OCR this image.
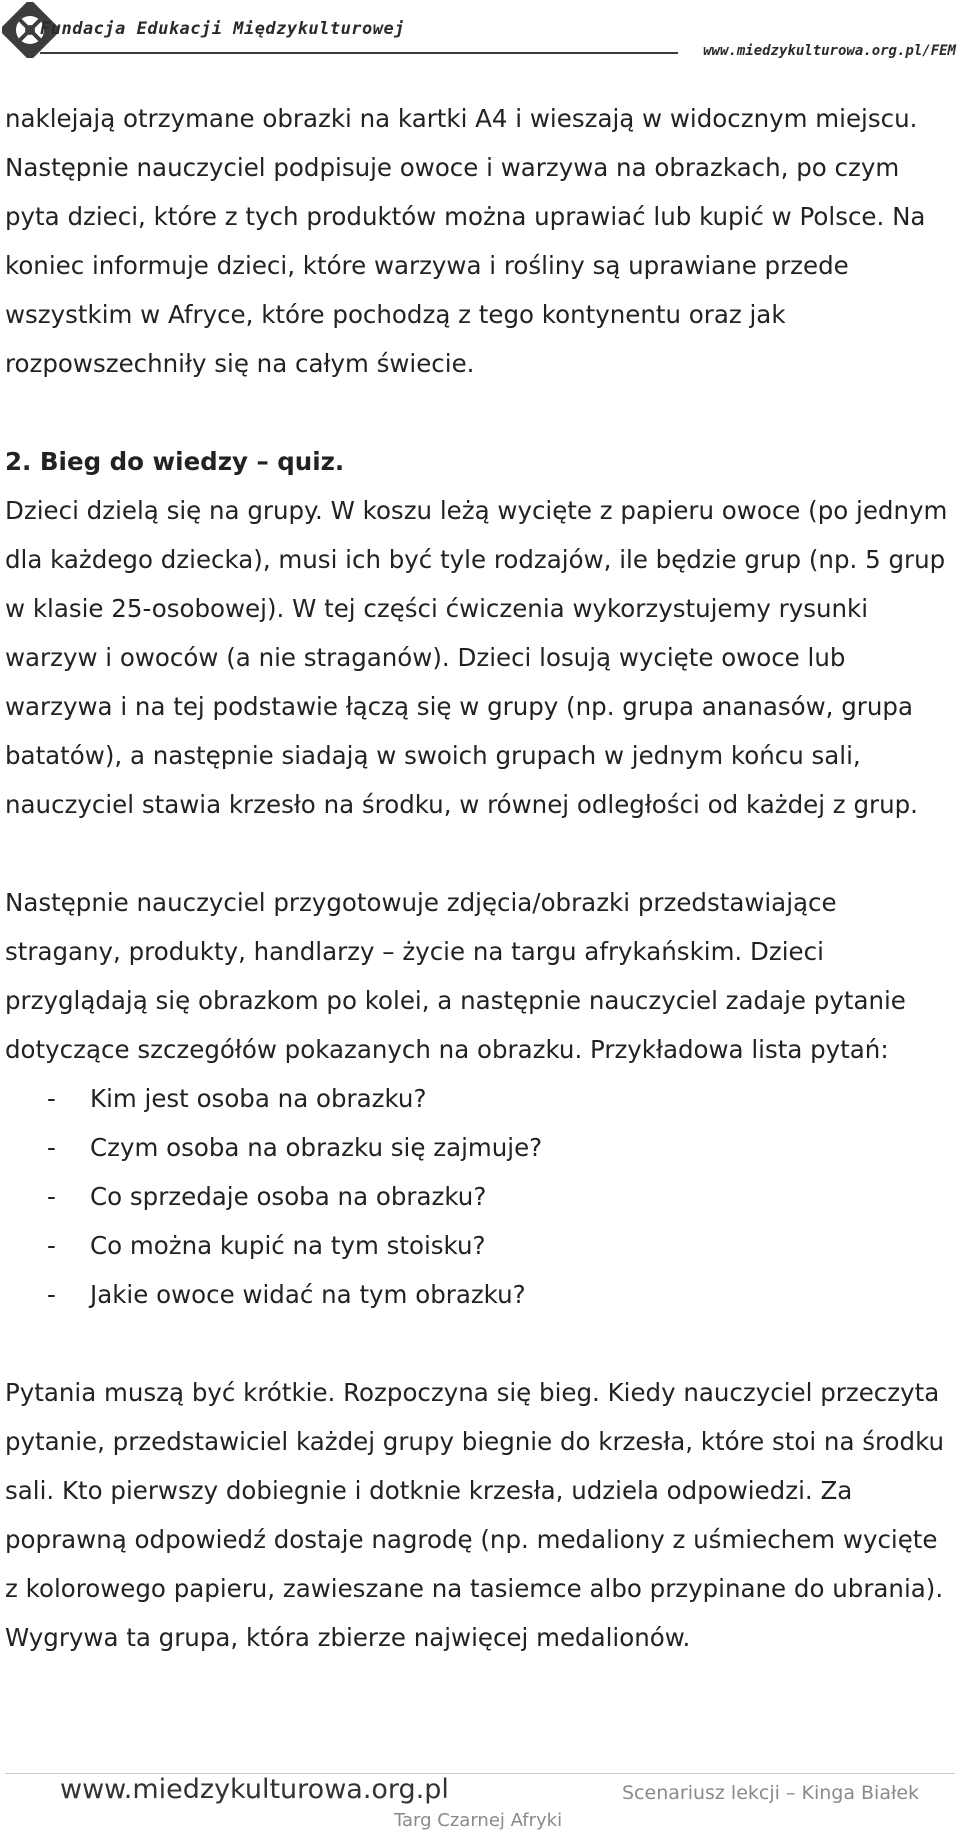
Fundacja Edukacji Międzykulturowej
www.miedzykulturowa.org.pl/FEM

naklejają otrzymane obrazki na kartki A4 i wieszają w widocznym miejscu. Następnie nauczyciel podpisuje owoce i warzywa na obrazkach, po czym pyta dzieci, które z tych produktów można uprawiać lub kupić w Polsce. Na koniec informuje dzieci, które warzywa i rośliny są uprawiane przede wszystkim w Afryce, które pochodzą z tego kontynentu oraz jak rozpowszechniły się na całym świecie.

2. Bieg do wiedzy – quiz.

Dzieci dzielą się na grupy. W koszu leżą wycięte z papieru owoce (po jednym dla każdego dziecka), musi ich być tyle rodzajów, ile będzie grup (np. 5 grup w klasie 25-osobowej). W tej części ćwiczenia wykorzystujemy rysunki warzyw i owoców (a nie straganów). Dzieci losują wycięte owoce lub warzywa i na tej podstawie łączą się w grupy (np. grupa ananasów, grupa batatów), a następnie siadają w swoich grupach w jednym końcu sali, nauczyciel stawia krzesło na środku, w równej odległości od każdej z grup.

Następnie nauczyciel przygotowuje zdjęcia/obrazki przedstawiające stragany, produkty, handlarzy – życie na targu afrykańskim. Dzieci przyglądają się obrazkom po kolei, a następnie nauczyciel zadaje pytanie dotyczące szczegółów pokazanych na obrazku. Przykładowa lista pytań:

- Kim jest osoba na obrazku?
- Czym osoba na obrazku się zajmuje?
- Co sprzedaje osoba na obrazku?
- Co można kupić na tym stoisku?
- Jakie owoce widać na tym obrazku?

Pytania muszą być krótkie. Rozpoczyna się bieg. Kiedy nauczyciel przeczyta pytanie, przedstawiciel każdej grupy biegnie do krzesła, które stoi na środku sali. Kto pierwszy dobiegnie i dotknie krzesła, udziela odpowiedzi. Za poprawną odpowiedź dostaje nagrodę (np. medaliony z uśmiechem wycięte z kolorowego papieru, zawieszane na tasiemce albo przypinane do ubrania). Wygrywa ta grupa, która zbierze najwięcej medalionów.

www.miedzykulturowa.org.pl	Scenariusz lekcji – Kinga Białek
Targ Czarnej Afryki
